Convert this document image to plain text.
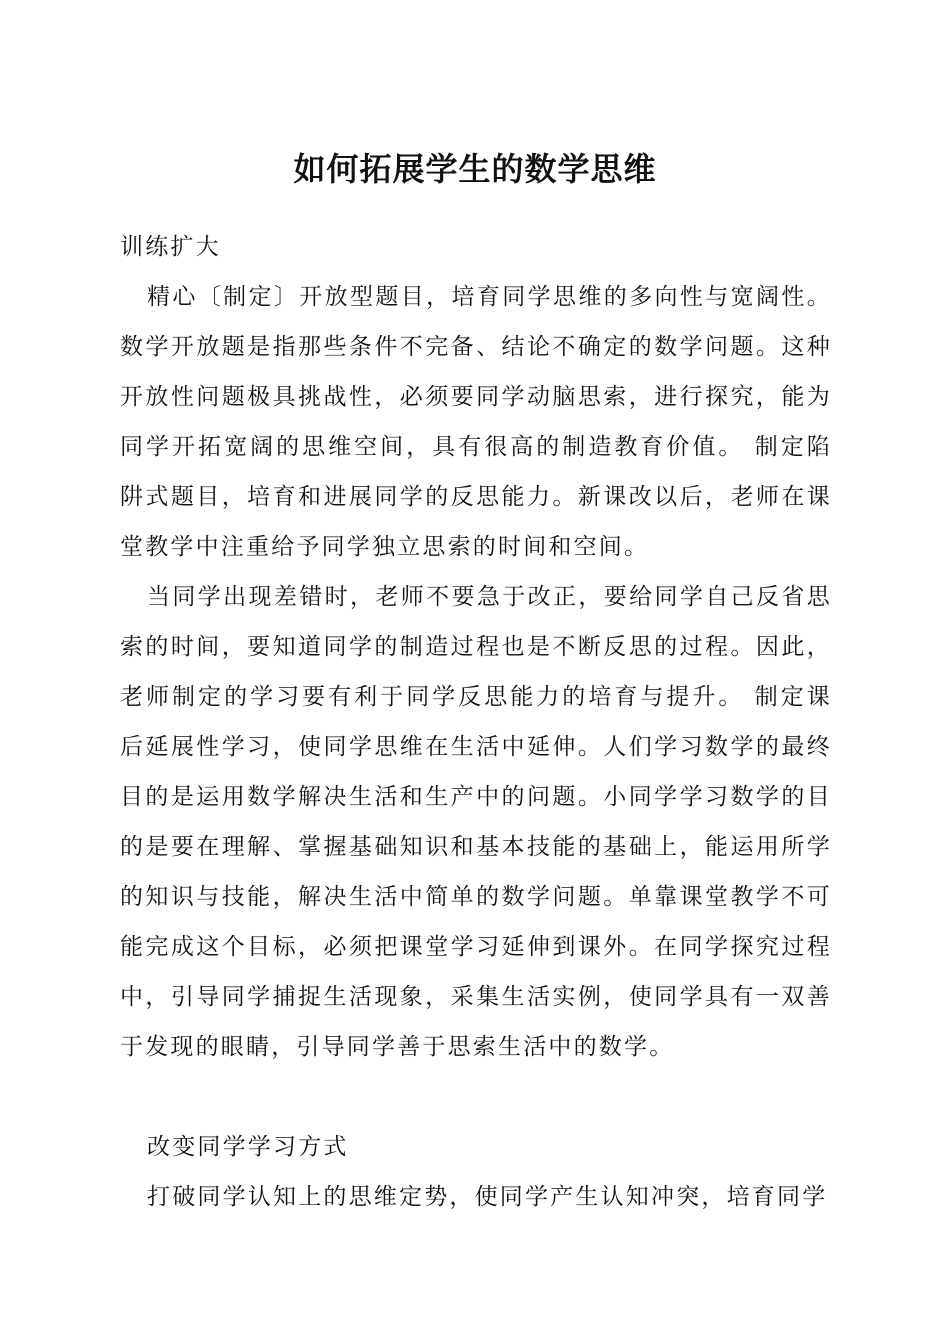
如何拓展学生的数学思维

训练扩大

精心〔制定〕开放型题目，培育同学思维的多向性与宽阔性。数学开放题是指那些条件不完备、结论不确定的数学问题。这种开放性问题极具挑战性，必须要同学动脑思索，进行探究，能为同学开拓宽阔的思维空间，具有很高的制造教育价值。 制定陷阱式题目，培育和进展同学的反思能力。新课改以后，老师在课堂教学中注重给予同学独立思索的时间和空间。

当同学出现差错时，老师不要急于改正，要给同学自己反省思索的时间，要知道同学的制造过程也是不断反思的过程。因此，老师制定的学习要有利于同学反思能力的培育与提升。 制定课后延展性学习，使同学思维在生活中延伸。人们学习数学的最终目的是运用数学解决生活和生产中的问题。小同学学习数学的目的是要在理解、掌握基础知识和基本技能的基础上，能运用所学的知识与技能，解决生活中简单的数学问题。单靠课堂教学不可能完成这个目标，必须把课堂学习延伸到课外。在同学探究过程中，引导同学捕捉生活现象，采集生活实例，使同学具有一双善于发现的眼睛，引导同学善于思索生活中的数学。

改变同学学习方式

打破同学认知上的思维定势，使同学产生认知冲突，培育同学
